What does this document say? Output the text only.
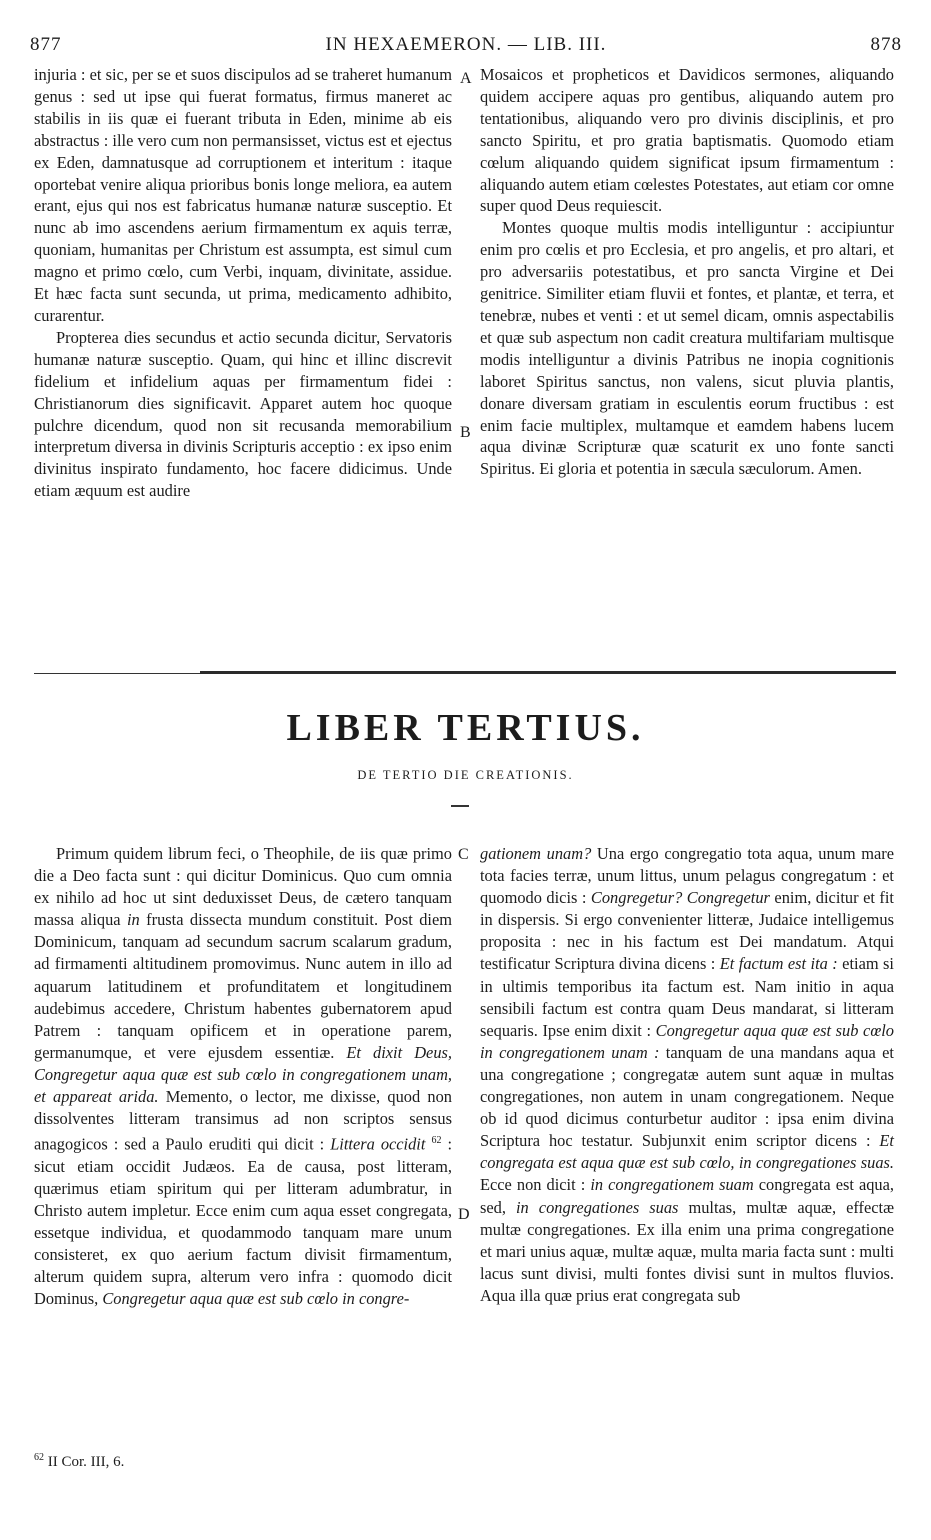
877	IN HEXAEMERON. — LIB. III.	878

injuria : et sic, per se et suos discipulos ad se traheret humanum genus : sed ut ipse qui fuerat formatus, firmus maneret ac stabilis in iis quæ ei fuerant tributa in Eden, minime ab eis abstractus : ille vero cum non permansisset, victus est et ejectus ex Eden, damnatusque ad corruptionem et interitum : itaque oportebat venire aliqua prioribus bonis longe meliora, ea autem erant, ejus qui nos est fabricatus humanæ naturæ susceptio. Et nunc ab imo ascendens aerium firmamentum ex aquis terræ, quoniam, humanitas per Christum est assumpta, est simul cum magno et primo cœlo, cum Verbi, inquam, divinitate, assidue. Et hæc facta sunt secunda, ut prima, medicamento adhibito, curarentur.

Propterea dies secundus et actio secunda dicitur, Servatoris humanæ naturæ susceptio. Quam, qui hinc et illinc discrevit fidelium et infidelium aquas per firmamentum fidei : Christianorum dies significavit. Apparet autem hoc quoque pulchre dicendum, quod non sit recusanda memorabilium interpretum diversa in divinis Scripturis acceptio : ex ipso enim divinitus inspirato fundamento, hoc facere didicimus. Unde etiam æquum est audire

A
B

Mosaicos et propheticos et Davidicos sermones, aliquando quidem accipere aquas pro gentibus, aliquando autem pro tentationibus, aliquando vero pro divinis disciplinis, et pro sancto Spiritu, et pro gratia baptismatis. Quomodo etiam cœlum aliquando quidem significat ipsum firmamentum : aliquando autem etiam cœlestes Potestates, aut etiam cor omne super quod Deus requiescit.

Montes quoque multis modis intelliguntur : accipiuntur enim pro cœlis et pro Ecclesia, et pro angelis, et pro altari, et pro adversariis potestatibus, et pro sancta Virgine et Dei genitrice. Similiter etiam fluvii et fontes, et plantæ, et terra, et tenebræ, nubes et venti : et ut semel dicam, omnis aspectabilis et quæ sub aspectum non cadit creatura multifariam multisque modis intelliguntur a divinis Patribus ne inopia cognitionis laboret Spiritus sanctus, non valens, sicut pluvia plantis, donare diversam gratiam in esculentis eorum fructibus : est enim facie multiplex, multamque et eamdem habens lucem aqua divinæ Scripturæ quæ scaturit ex uno fonte sancti Spiritus. Ei gloria et potentia in sæcula sæculorum. Amen.

LIBER TERTIUS.
DE TERTIO DIE CREATIONIS.

Primum quidem librum feci, o Theophile, de iis quæ primo die a Deo facta sunt : qui dicitur Dominicus. Quo cum omnia ex nihilo ad hoc ut sint deduxisset Deus, de cætero tanquam massa aliqua in frusta dissecta mundum constituit. Post diem Dominicum, tanquam ad secundum sacrum scalarum gradum, ad firmamenti altitudinem promovimus. Nunc autem in illo ad aquarum latitudinem et profunditatem et longitudinem audebimus accedere, Christum habentes gubernatorem apud Patrem : tanquam opificem et in operatione parem, germanumque, et vere ejusdem essentiæ. Et dixit Deus, Congregetur aqua quæ est sub cœlo in congregationem unam, et appareat arida. Memento, o lector, me dixisse, quod non dissolventes litteram transimus ad non scriptos sensus anagogicos : sed a Paulo eruditi qui dicit : Littera occidit $^{62}$ : sicut etiam occidit Judæos. Ea de causa, post litteram, quærimus etiam spiritum qui per litteram adumbratur, in Christo autem impletur. Ecce enim cum aqua esset congregata, essetque individua, et quodammodo tanquam mare unum consisteret, ex quo aerium factum divisit firmamentum, alterum quidem supra, alterum vero infra : quomodo dicit Dominus, Congregetur aqua quæ est sub cœlo in congre-

C
D

gationem unam? Una ergo congregatio tota aqua, unum mare tota facies terræ, unum littus, unum pelagus congregatum : et quomodo dicis : Congregetur? Congregetur enim, dicitur et fit in dispersis. Si ergo convenienter litteræ, Judaice intelligemus proposita : nec in his factum est Dei mandatum. Atqui testificatur Scriptura divina dicens : Et factum est ita : etiam si in ultimis temporibus ita factum est. Nam initio in aqua sensibili factum est contra quam Deus mandarat, si litteram sequaris. Ipse enim dixit : Congregetur aqua quæ est sub cœlo in congregationem unam : tanquam de una mandans aqua et una congregatione ; congregatæ autem sunt aquæ in multas congregationes, non autem in unam congregationem. Neque ob id quod dicimus conturbetur auditor : ipsa enim divina Scriptura hoc testatur. Subjunxit enim scriptor dicens : Et congregata est aqua quæ est sub cœlo, in congregationes suas. Ecce non dicit : in congregationem suam congregata est aqua, sed, in congregationes suas multas, multæ aquæ, effectæ multæ congregationes. Ex illa enim una prima congregatione et mari unius aquæ, multæ aquæ, multa maria facta sunt : multi lacus sunt divisi, multi fontes divisi sunt in multos fluvios. Aqua illa quæ prius erat congregata sub

$^{62}$ II Cor. III, 6.
